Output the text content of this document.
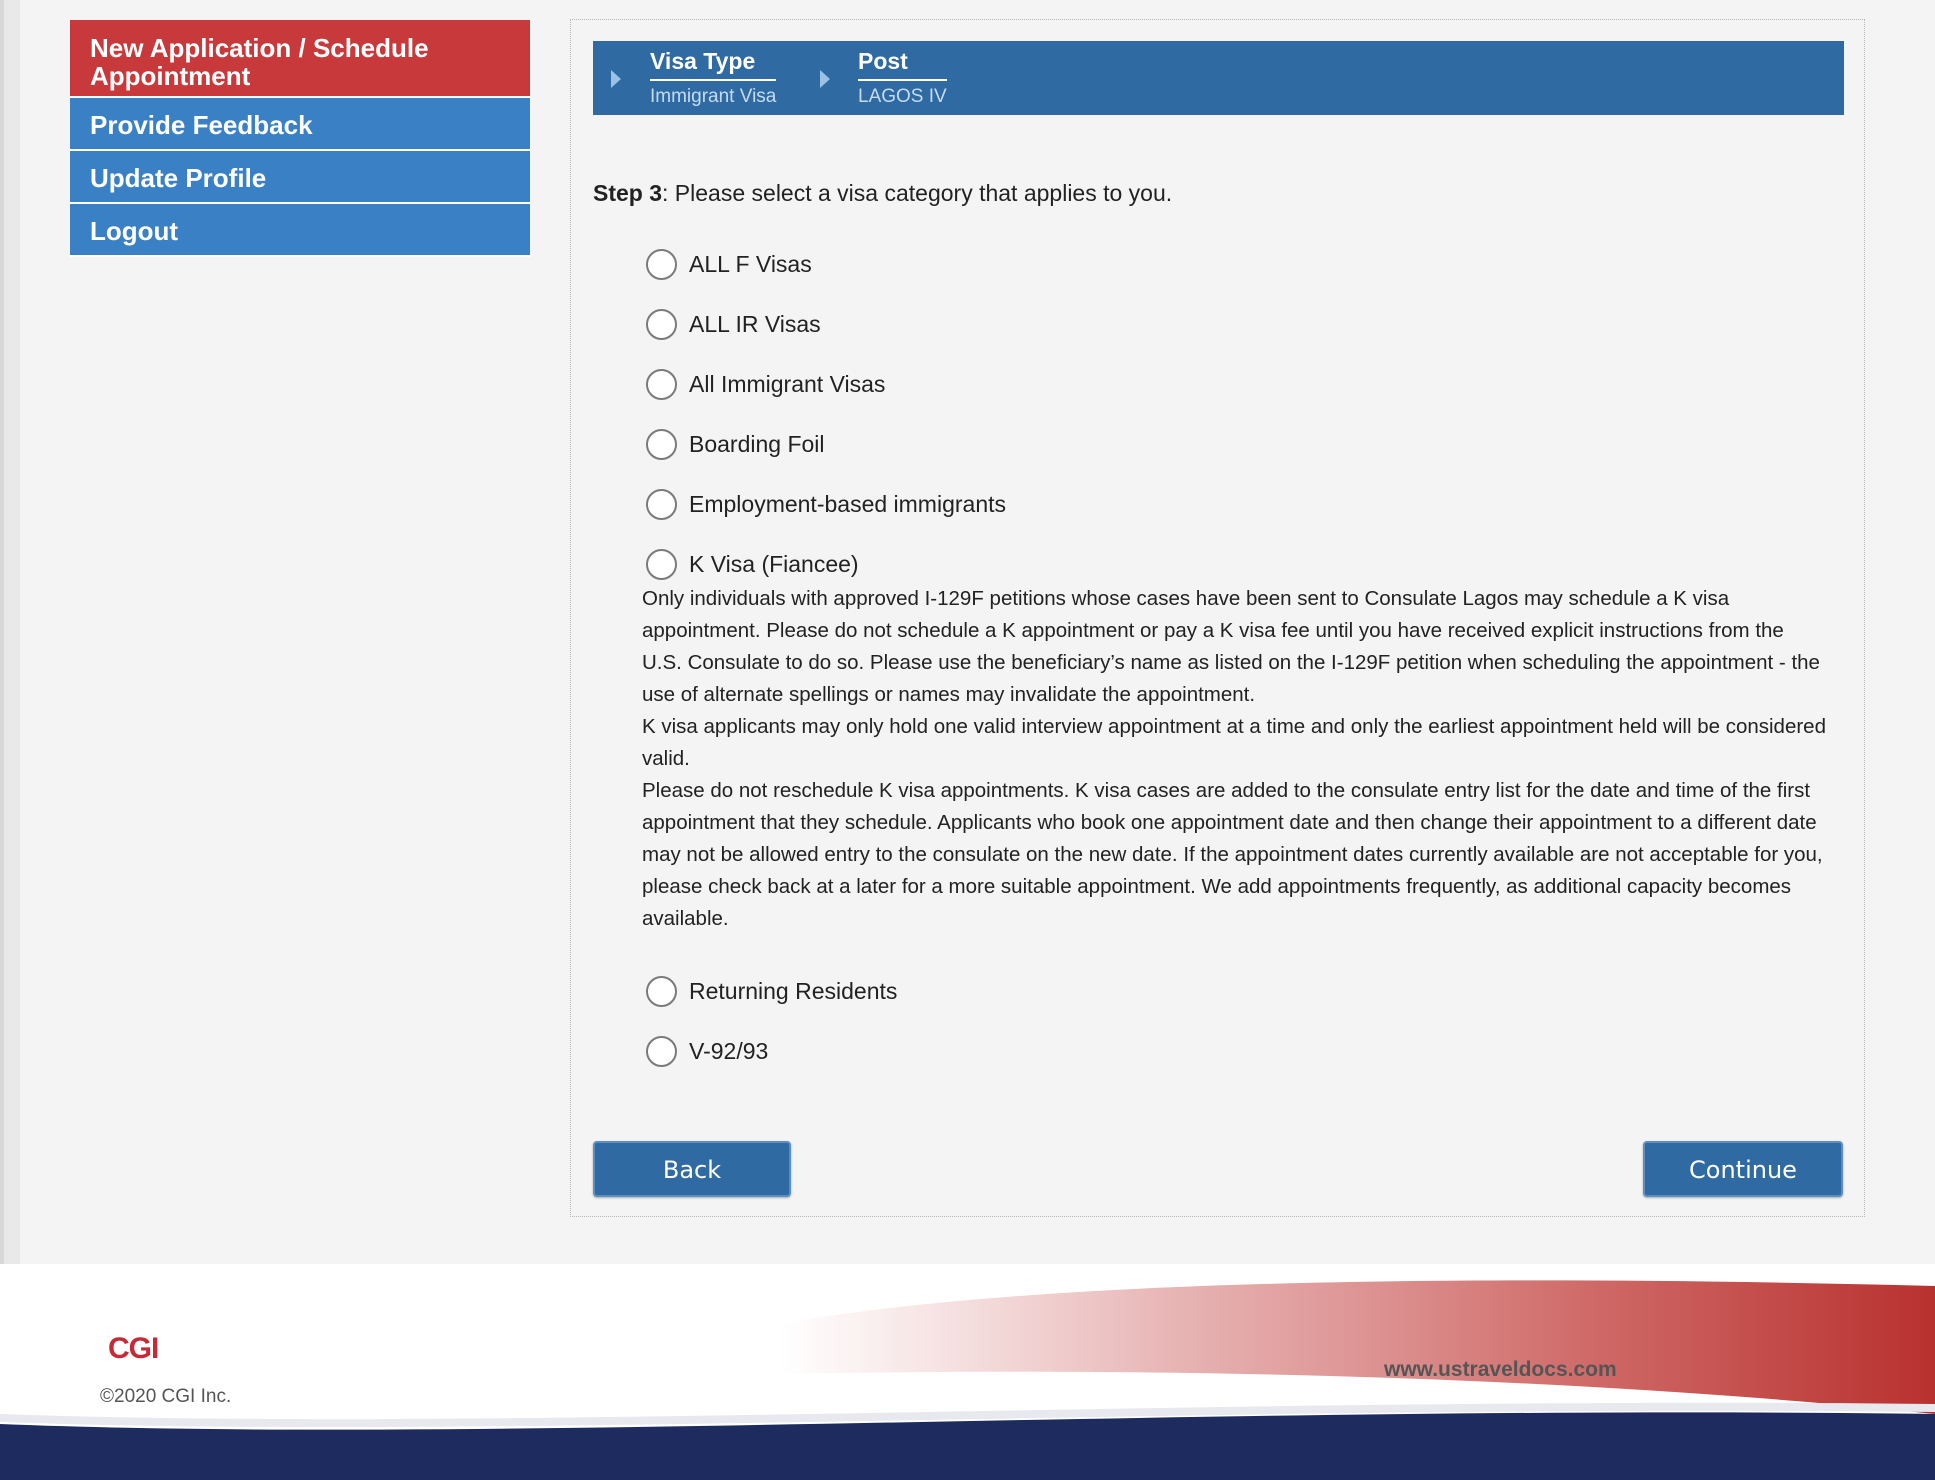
New Application / Schedule Appointment
Provide Feedback
Update Profile
Logout
Visa Type
Immigrant Visa
Post
LAGOS IV
Step 3: Please select a visa category that applies to you.
ALL F Visas
ALL IR Visas
All Immigrant Visas
Boarding Foil
Employment-based immigrants
K Visa (Fiancee)

Only individuals with approved I-129F petitions whose cases have been sent to Consulate Lagos may schedule a K visa appointment. Please do not schedule a K appointment or pay a K visa fee until you have received explicit instructions from the U.S. Consulate to do so. Please use the beneficiary’s name as listed on the I-129F petition when scheduling the appointment - the use of alternate spellings or names may invalidate the appointment.

K visa applicants may only hold one valid interview appointment at a time and only the earliest appointment held will be considered valid.

Please do not reschedule K visa appointments. K visa cases are added to the consulate entry list for the date and time of the first appointment that they schedule. Applicants who book one appointment date and then change their appointment to a different date may not be allowed entry to the consulate on the new date. If the appointment dates currently available are not acceptable for you, please check back at a later for a more suitable appointment. We add appointments frequently, as additional capacity becomes available.

Returning Residents
V-92/93
Back	Continue
CGI
©2020 CGI Inc.
www.ustraveldocs.com
